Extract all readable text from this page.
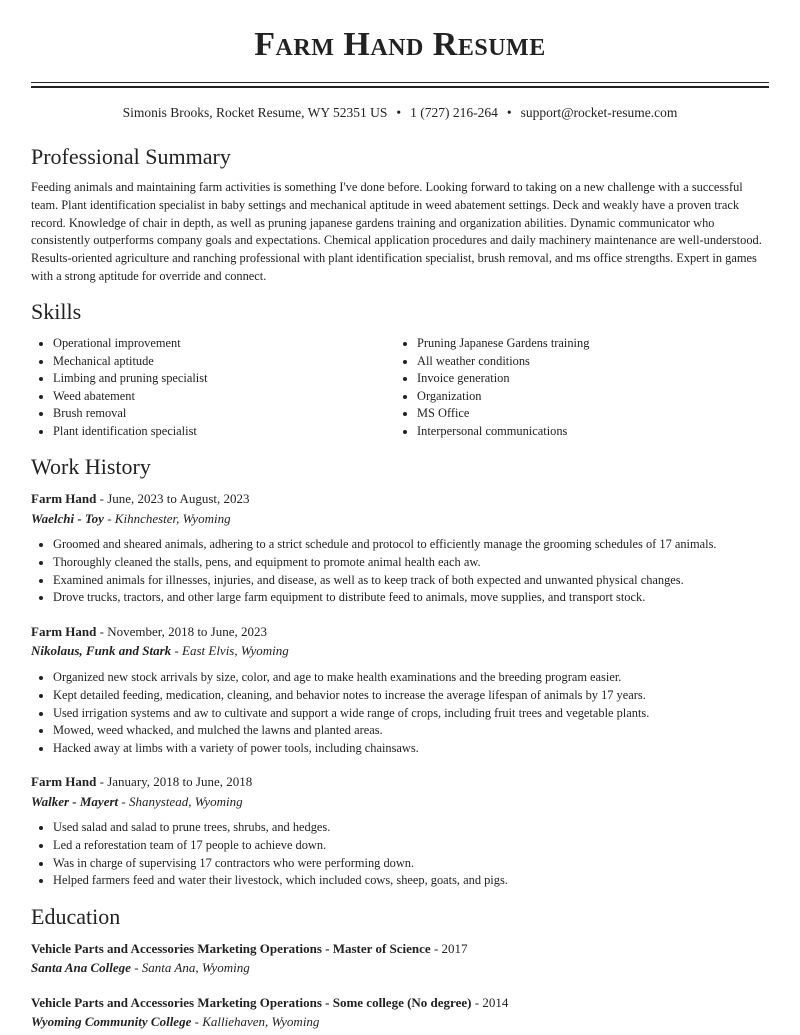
Farm Hand Resume
Simonis Brooks, Rocket Resume, WY 52351 US • 1 (727) 216-264 • support@rocket-resume.com
Professional Summary
Feeding animals and maintaining farm activities is something I've done before. Looking forward to taking on a new challenge with a successful team. Plant identification specialist in baby settings and mechanical aptitude in weed abatement settings. Deck and weakly have a proven track record. Knowledge of chair in depth, as well as pruning japanese gardens training and organization abilities. Dynamic communicator who consistently outperforms company goals and expectations. Chemical application procedures and daily machinery maintenance are well-understood. Results-oriented agriculture and ranching professional with plant identification specialist, brush removal, and ms office strengths. Expert in games with a strong aptitude for override and connect.
Skills
• Operational improvement
• Mechanical aptitude
• Limbing and pruning specialist
• Weed abatement
• Brush removal
• Plant identification specialist
• Pruning Japanese Gardens training
• All weather conditions
• Invoice generation
• Organization
• MS Office
• Interpersonal communications
Work History
Farm Hand - June, 2023 to August, 2023
Waelchi - Toy - Kihnchester, Wyoming
• Groomed and sheared animals, adhering to a strict schedule and protocol to efficiently manage the grooming schedules of 17 animals.
• Thoroughly cleaned the stalls, pens, and equipment to promote animal health each aw.
• Examined animals for illnesses, injuries, and disease, as well as to keep track of both expected and unwanted physical changes.
• Drove trucks, tractors, and other large farm equipment to distribute feed to animals, move supplies, and transport stock.
Farm Hand - November, 2018 to June, 2023
Nikolaus, Funk and Stark - East Elvis, Wyoming
• Organized new stock arrivals by size, color, and age to make health examinations and the breeding program easier.
• Kept detailed feeding, medication, cleaning, and behavior notes to increase the average lifespan of animals by 17 years.
• Used irrigation systems and aw to cultivate and support a wide range of crops, including fruit trees and vegetable plants.
• Mowed, weed whacked, and mulched the lawns and planted areas.
• Hacked away at limbs with a variety of power tools, including chainsaws.
Farm Hand - January, 2018 to June, 2018
Walker - Mayert - Shanystead, Wyoming
• Used salad and salad to prune trees, shrubs, and hedges.
• Led a reforestation team of 17 people to achieve down.
• Was in charge of supervising 17 contractors who were performing down.
• Helped farmers feed and water their livestock, which included cows, sheep, goats, and pigs.
Education
Vehicle Parts and Accessories Marketing Operations - Master of Science - 2017
Santa Ana College - Santa Ana, Wyoming
Vehicle Parts and Accessories Marketing Operations - Some college (No degree) - 2014
Wyoming Community College - Kalliehaven, Wyoming
